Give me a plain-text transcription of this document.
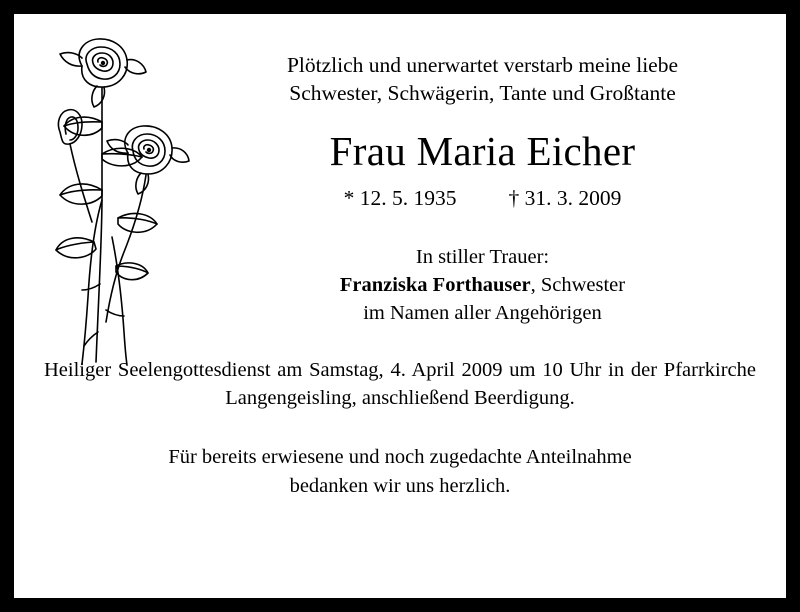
Plötzlich und unerwartet verstarb meine liebe
Schwester, Schwägerin, Tante und Großtante
Frau Maria Eicher
* 12. 5. 1935 † 31. 3. 2009
In stiller Trauer:
Franziska Forthauser, Schwester
im Namen aller Angehörigen
Heiliger Seelengottesdienst am Samstag, 4. April 2009 um 10 Uhr in der Pfarrkirche Langengeisling, anschließend Beerdigung.
Für bereits erwiesene und noch zugedachte Anteilnahme
bedanken wir uns herzlich.
